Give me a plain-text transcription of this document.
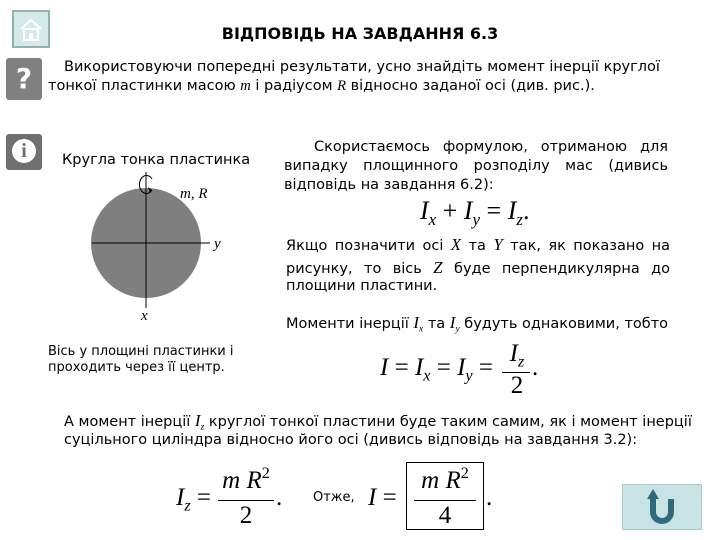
?
i
ВІДПОВІДЬ НА ЗАВДАННЯ 6.3
Використовуючи попередні результати, усно знайдіть момент інерції круглої
тонкої пластинки масою m і радіусом R відносно заданої осі (див. рис.).
Кругла тонка пластинка
m, R
y
x
Вісь у площині пластинки і
проходить через її центр.
Скористаємось формулою, отриманою для
випадку площинного розподілу мас (дивись
відповідь на завдання 6.2):
$I_x + I_y = I_z$.
Якщо позначити осі X та Y так, як показано на
рисунку, то вісь Z буде перпендикулярна до
площини пластини.
Моменти інерції $I_x$ та $I_y$ будуть однаковими, тобто
$I = I_x = I_y$ =
$I_z$
2
.
А момент інерції $I_z$ круглої тонкої пластини буде таким самим, як і момент інерції
суцільного циліндра відносно його осі (дивись відповідь на завдання 3.2):
$I_z$ =
m $R^2$
2
. Отже, I =
m $R^2$
4
.
